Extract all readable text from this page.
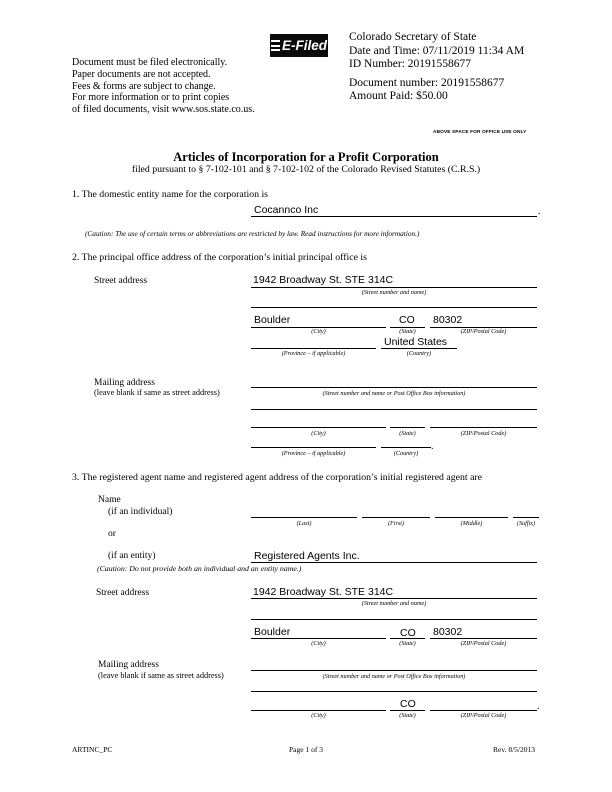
Document must be filed electronically.
Paper documents are not accepted.
Fees & forms are subject to change.
For more information or to print copies
of filed documents, visit www.sos.state.co.us.
E-Filed
Colorado Secretary of State
Date and Time: 07/11/2019 11:34 AM
ID Number: 20191558677
Document number: 20191558677
Amount Paid: $50.00
ABOVE SPACE FOR OFFICE USE ONLY
Articles of Incorporation for a Profit Corporation
filed pursuant to § 7-102-101 and § 7-102-102 of the Colorado Revised Statutes (C.R.S.)
1. The domestic entity name for the corporation is
Cocannco Inc	.
(Caution: The use of certain terms or abbreviations are restricted by law. Read instructions for more information.)
2. The principal office address of the corporation’s initial principal office is
Street address	1942 Broadway St. STE 314C
(Street number and name)
Boulder	CO 80302
(City)	(State)	(ZIP/Postal Code)
United States
(Province – if applicable)	(Country)
Mailing address
(leave blank if same as street address)	(Street number and name or Post Office Box information)
(City)	(State)	(ZIP/Postal Code)
.
(Province – if applicable)	(Country)
3. The registered agent name and registered agent address of the corporation’s initial registered agent are
Name
(if an individual)
(Last)	(First)	(Middle)	(Suffix)
or
(if an entity)	Registered Agents Inc.
(Caution: Do not provide both an individual and an entity name.)
Street address	1942 Broadway St. STE 314C
(Street number and name)
Boulder	CO 80302
(City)	(State)	(ZIP/Postal Code)
Mailing address
(leave blank if same as street address)	(Street number and name or Post Office Box information)
CO	.
(City)	(State)	(ZIP/Postal Code)
ARTINC_PC	Page 1 of 3	Rev. 8/5/2013
